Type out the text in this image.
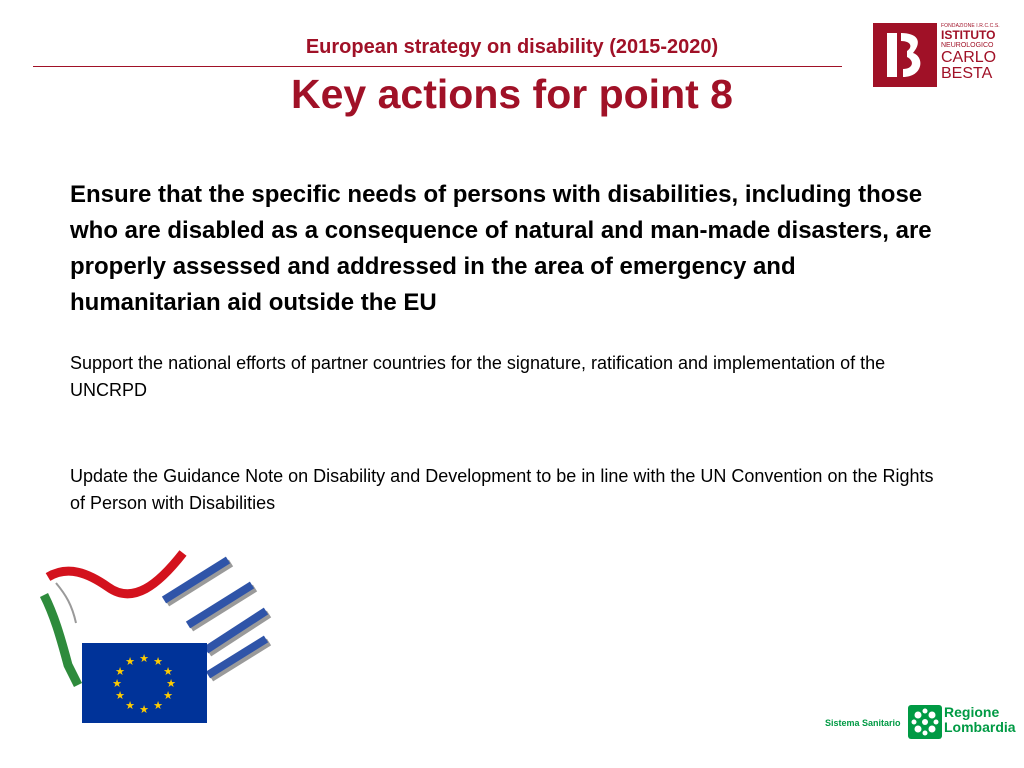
European strategy on disability (2015-2020)
Key actions for point 8
FONDAZIONE I.R.C.C.S.
ISTITUTO
NEUROLOGICO
CARLO
BESTA
Ensure that the specific needs of persons with disabilities, including those who are disabled as a consequence of natural and man-made disasters, are properly assessed and addressed in the area of emergency and humanitarian aid outside the EU
Support the national efforts of partner countries for the signature, ratification and implementation of the UNCRPD
Update the Guidance Note on Disability and Development to be in line with the UN Convention on the Rights of Person with Disabilities
★ ★
★
★
★
★
★
★
★
★
★
★
Sistema Sanitario
Regione
Lombardia
